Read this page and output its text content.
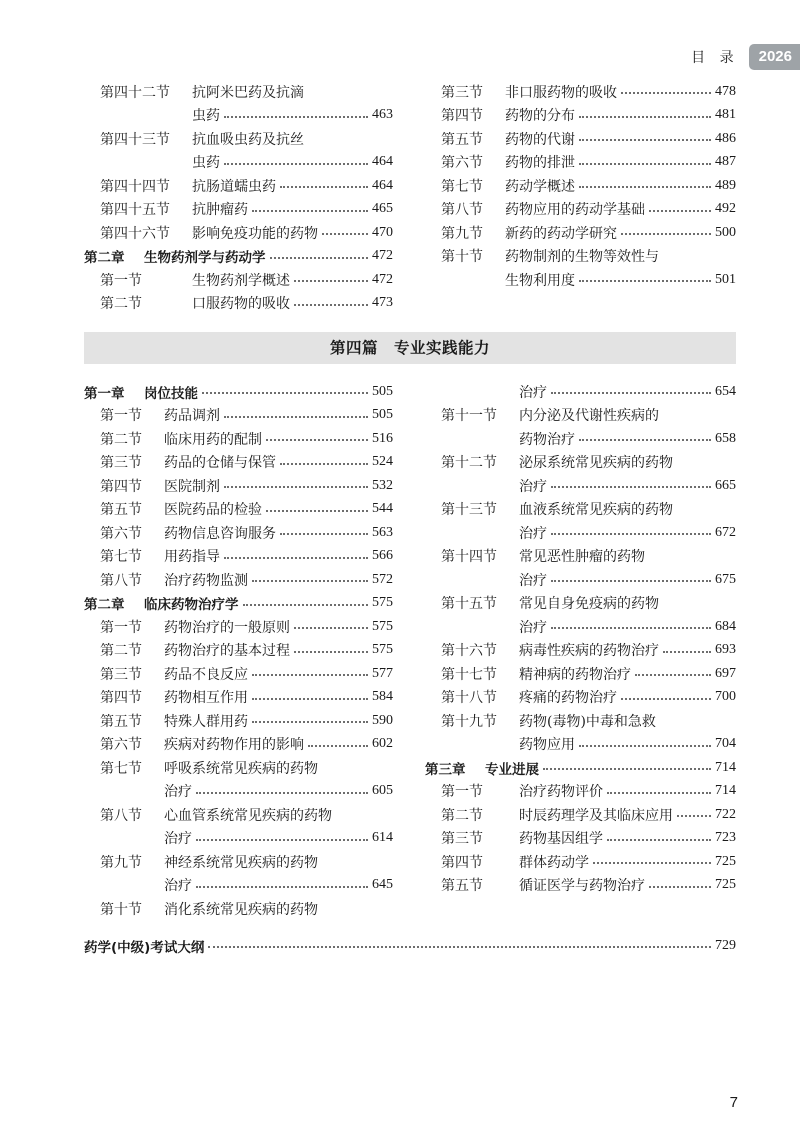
目 录	2026
第四十二节	抗阿米巴药及抗滴
虫药	463
第四十三节	抗血吸虫药及抗丝
虫药	464
第四十四节	抗肠道蠕虫药	464
第四十五节	抗肿瘤药	465
第四十六节	影响免疫功能的药物	470
第二章	生物药剂学与药动学	472
第一节	生物药剂学概述	472
第二节	口服药物的吸收	473
第三节	非口服药物的吸收	478
第四节	药物的分布	481
第五节	药物的代谢	486
第六节	药物的排泄	487
第七节	药动学概述	489
第八节	药物应用的药动学基础	492
第九节	新药的药动学研究	500
第十节	药物制剂的生物等效性与
生物利用度	501
第四篇　专业实践能力
第一章	岗位技能	505
第一节	药品调剂	505
第二节	临床用药的配制	516
第三节	药品的仓储与保管	524
第四节	医院制剂	532
第五节	医院药品的检验	544
第六节	药物信息咨询服务	563
第七节	用药指导	566
第八节	治疗药物监测	572
第二章	临床药物治疗学	575
第一节	药物治疗的一般原则	575
第二节	药物治疗的基本过程	575
第三节	药品不良反应	577
第四节	药物相互作用	584
第五节	特殊人群用药	590
第六节	疾病对药物作用的影响	602
第七节	呼吸系统常见疾病的药物
治疗	605
第八节	心血管系统常见疾病的药物
治疗	614
第九节	神经系统常见疾病的药物
治疗	645
第十节	消化系统常见疾病的药物
治疗	654
第十一节	内分泌及代谢性疾病的
药物治疗	658
第十二节	泌尿系统常见疾病的药物
治疗	665
第十三节	血液系统常见疾病的药物
治疗	672
第十四节	常见恶性肿瘤的药物
治疗	675
第十五节	常见自身免疫病的药物
治疗	684
第十六节	病毒性疾病的药物治疗	693
第十七节	精神病的药物治疗	697
第十八节	疼痛的药物治疗	700
第十九节	药物(毒物)中毒和急救
药物应用	704
第三章	专业进展	714
第一节	治疗药物评价	714
第二节	时辰药理学及其临床应用	722
第三节	药物基因组学	723
第四节	群体药动学	725
第五节	循证医学与药物治疗	725
药学(中级)考试大纲	729
7
